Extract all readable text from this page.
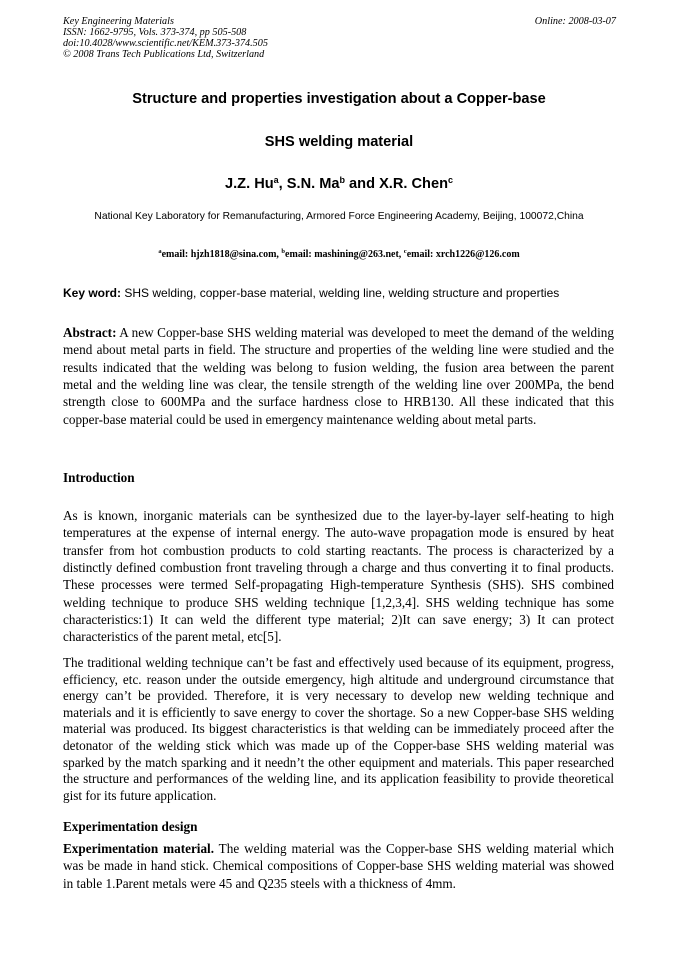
Key Engineering Materials
ISSN: 1662-9795, Vols. 373-374, pp 505-508
doi:10.4028/www.scientific.net/KEM.373-374.505
© 2008 Trans Tech Publications Ltd, Switzerland
Online: 2008-03-07
Structure and properties investigation about a Copper-base
SHS welding material
J.Z. Hu$^a$, S.N. Ma$^b$ and X.R. Chen$^c$
National Key Laboratory for Remanufacturing, Armored Force Engineering Academy, Beijing, 100072,China
$^a$email: hjzh1818@sina.com, $^b$email: mashining@263.net, $^c$email: xrch1226@126.com
Key word: SHS welding, copper-base material, welding line, welding structure and properties
Abstract: A new Copper-base SHS welding material was developed to meet the demand of the welding mend about metal parts in field. The structure and properties of the welding line were studied and the results indicated that the welding was belong to fusion welding, the fusion area between the parent metal and the welding line was clear, the tensile strength of the welding line over 200MPa, the bend strength close to 600MPa and the surface hardness close to HRB130. All these indicated that this copper-base material could be used in emergency maintenance welding about metal parts.
Introduction
As is known, inorganic materials can be synthesized due to the layer-by-layer self-heating to high temperatures at the expense of internal energy. The auto-wave propagation mode is ensured by heat transfer from hot combustion products to cold starting reactants. The process is characterized by a distinctly defined combustion front traveling through a charge and thus converting it to final products. These processes were termed Self-propagating High-temperature Synthesis (SHS). SHS combined welding technique to produce SHS welding technique [1,2,3,4]. SHS welding technique has some characteristics:1) It can weld the different type material; 2)It can save energy; 3) It can protect characteristics of the parent metal, etc[5].
The traditional welding technique can’t be fast and effectively used because of its equipment, progress, efficiency, etc. reason under the outside emergency, high altitude and underground circumstance that energy can’t be provided. Therefore, it is very necessary to develop new welding technique and materials and it is efficiently to save energy to cover the shortage. So a new Copper-base SHS welding material was produced. Its biggest characteristics is that welding can be immediately proceed after the detonator of the welding stick which was made up of the Copper-base SHS welding material was sparked by the match sparking and it needn’t the other equipment and materials. This paper researched the structure and performances of the welding line, and its application feasibility to provide theoretical gist for its future application.
Experimentation design
Experimentation material. The welding material was the Copper-base SHS welding material which was be made in hand stick. Chemical compositions of Copper-base SHS welding material was showed in table 1.Parent metals were 45 and Q235 steels with a thickness of 4mm.
